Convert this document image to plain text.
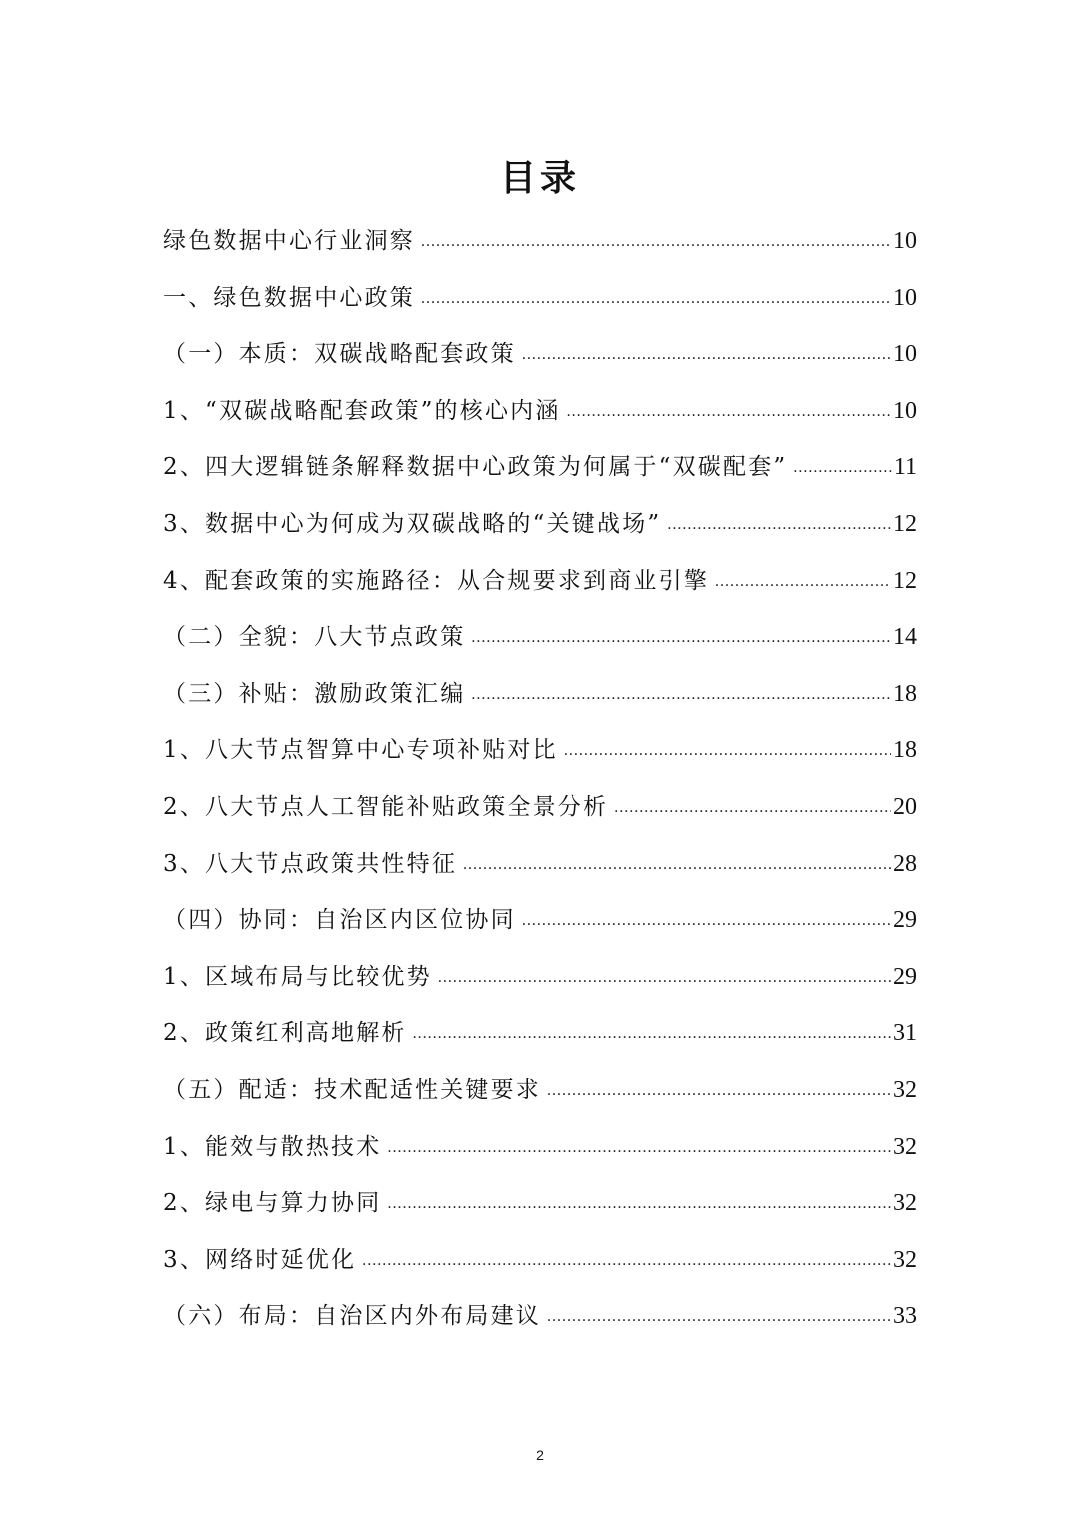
目录
绿色数据中心行业洞察 .....	10
一、绿色数据中心政策 .....	10
（一）本质：双碳战略配套政策 .....	10
1、“双碳战略配套政策”的核心内涵 .....	10
2、四大逻辑链条解释数据中心政策为何属于“双碳配套” .....	11
3、数据中心为何成为双碳战略的“关键战场” .....	12
4、配套政策的实施路径：从合规要求到商业引擎 .....	12
（二）全貌：八大节点政策 .....	14
（三）补贴：激励政策汇编 .....	18
1、八大节点智算中心专项补贴对比 .....	18
2、八大节点人工智能补贴政策全景分析 .....	20
3、八大节点政策共性特征 .....	28
（四）协同：自治区内区位协同 .....	29
1、区域布局与比较优势 .....	29
2、政策红利高地解析 .....	31
（五）配适：技术配适性关键要求 .....	32
1、能效与散热技术 .....	32
2、绿电与算力协同 .....	32
3、网络时延优化 .....	32
（六）布局：自治区内外布局建议 .....	33
2
